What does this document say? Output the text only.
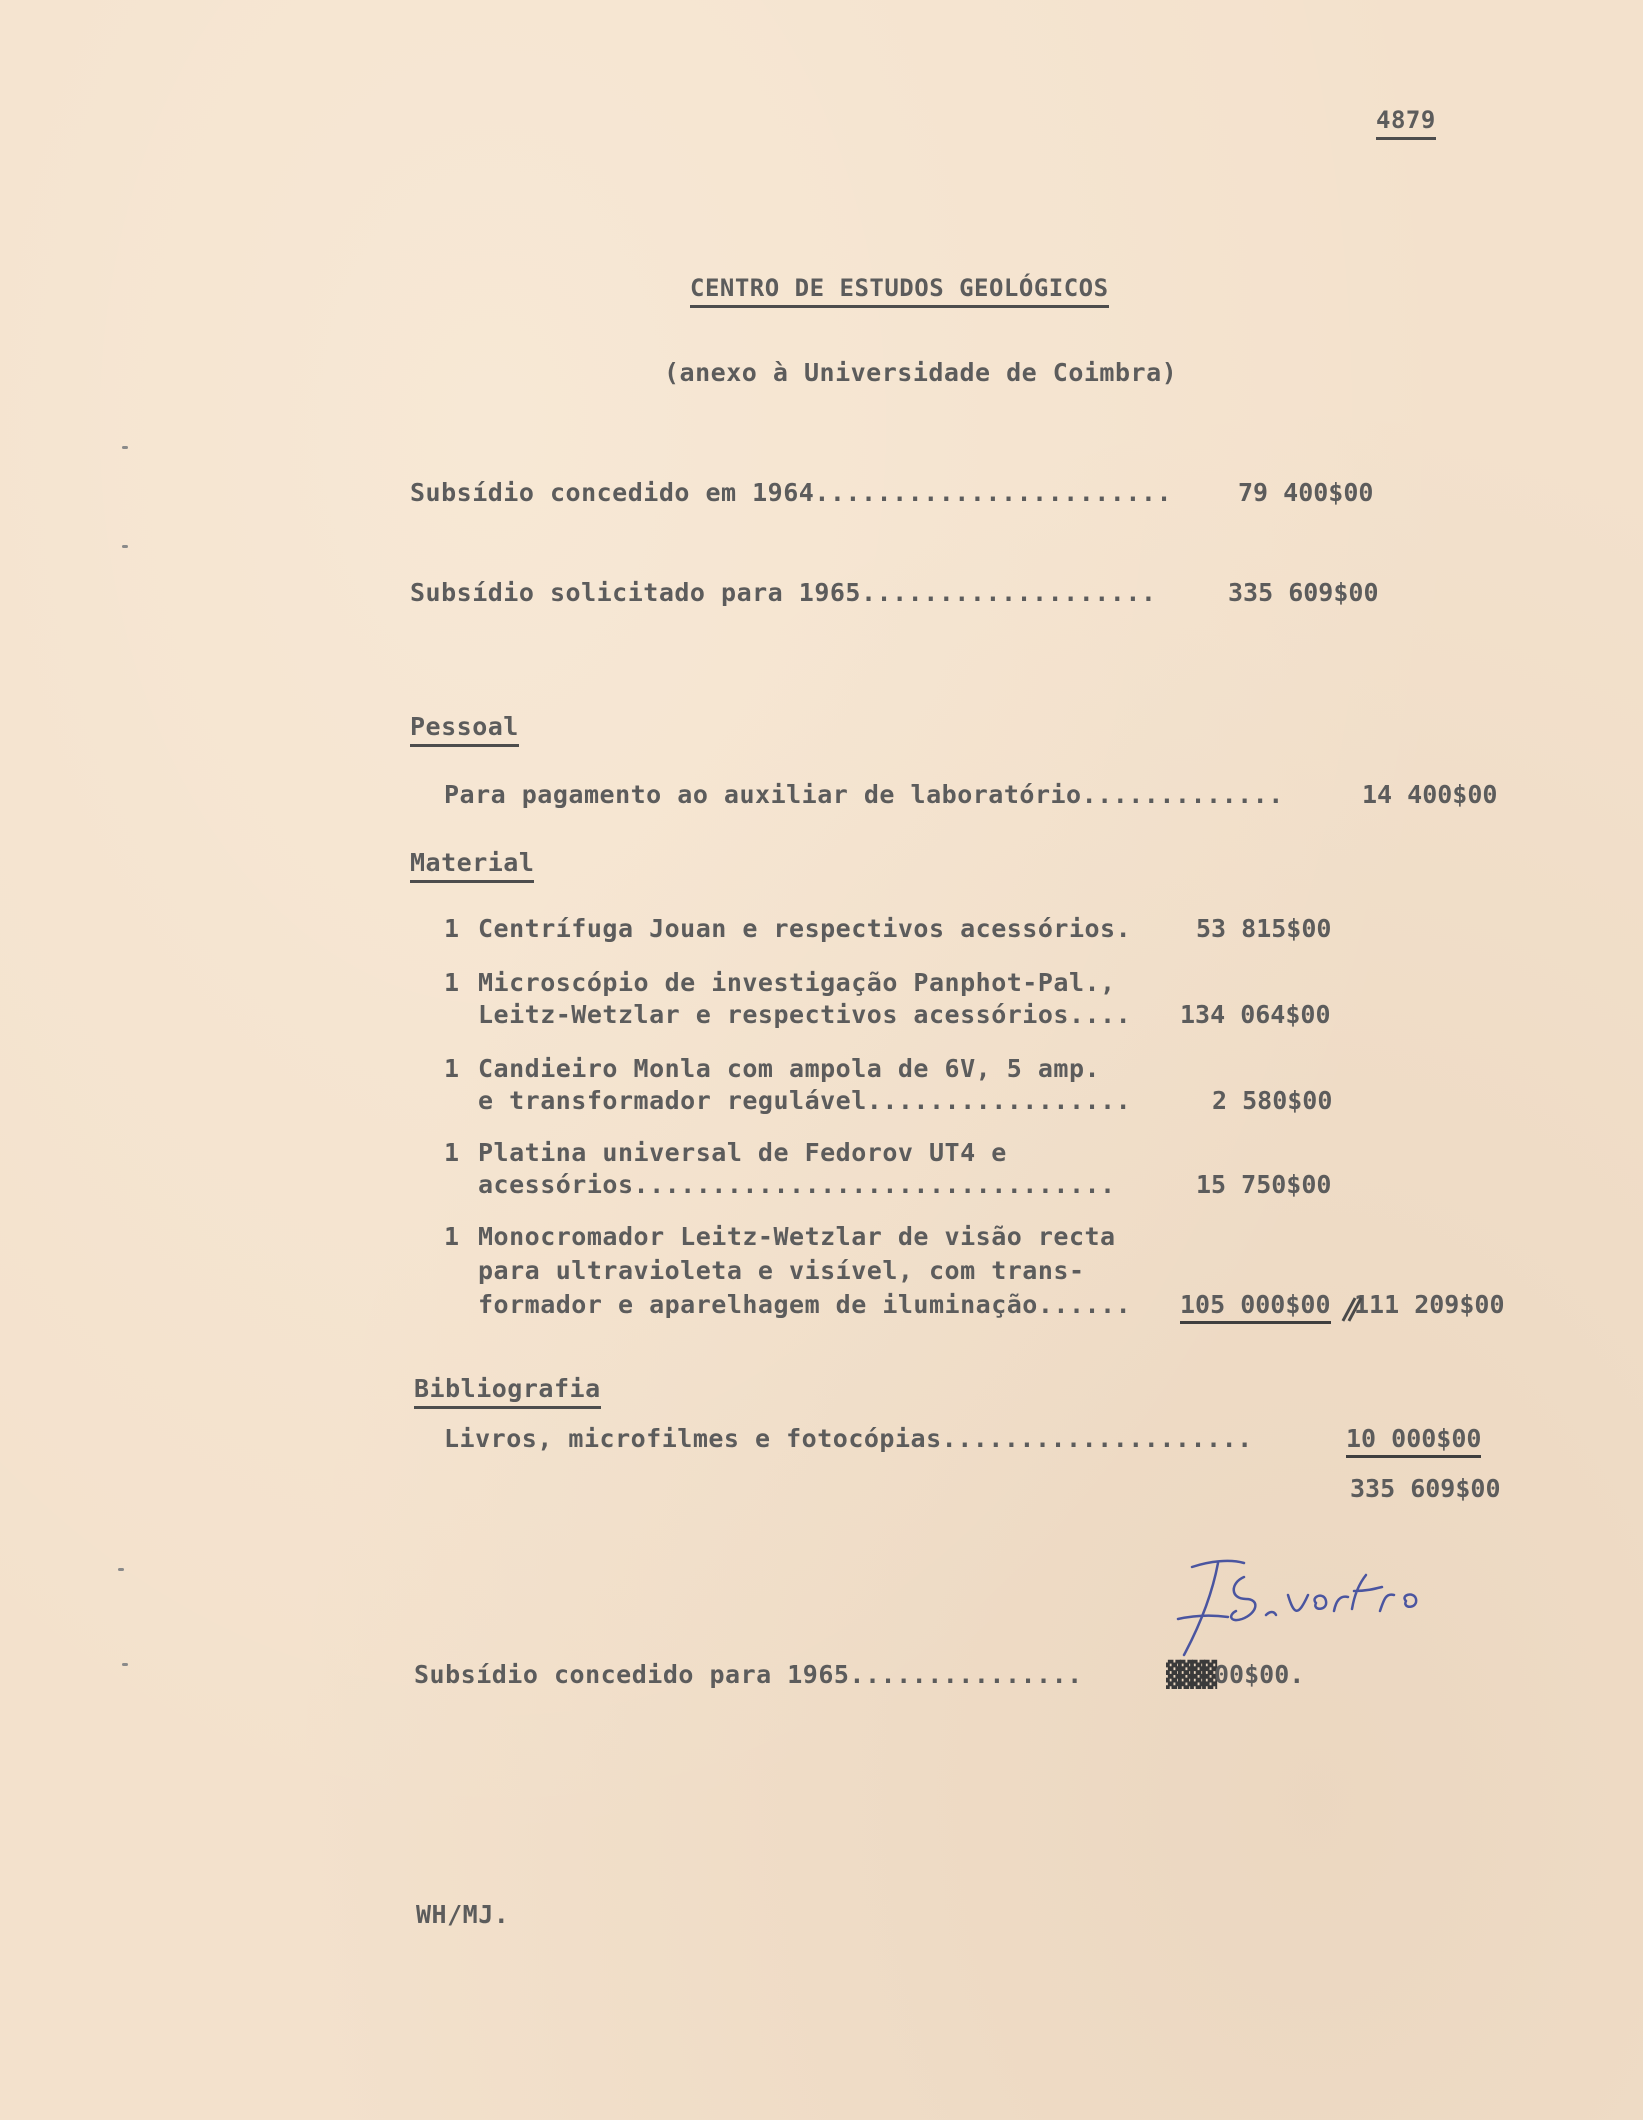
4879
CENTRO DE ESTUDOS GEOLÓGICOS
(anexo à Universidade de Coimbra)
Subsídio concedido em 1964.......................	79 400$00
Subsídio solicitado para 1965...................	335 609$00
Pessoal
Para pagamento ao auxiliar de laboratório.............	14 400$00
Material
1 Centrífuga Jouan e respectivos acessórios.	53 815$00
1 Microscópio de investigação Panphot-Pal.,
Leitz-Wetzlar e respectivos acessórios.... 134 064$00
1 Candieiro Monla com ampola de 6V, 5 amp.
e transformador regulável.................	2 580$00
1 Platina universal de Fedorov UT4 e
acessórios...............................	15 750$00
1 Monocromador Leitz-Wetzlar de visão recta
para ultravioleta e visível, com trans-
formador e aparelhagem de iluminação...... 105 000$00 111 209$00
Bibliografia
Livros, microfilmes e fotocópias....................	10 000$00
335 609$00
Subsídio concedido para 1965...............	▓▓▓▓ 00$00.
WH/MJ.
